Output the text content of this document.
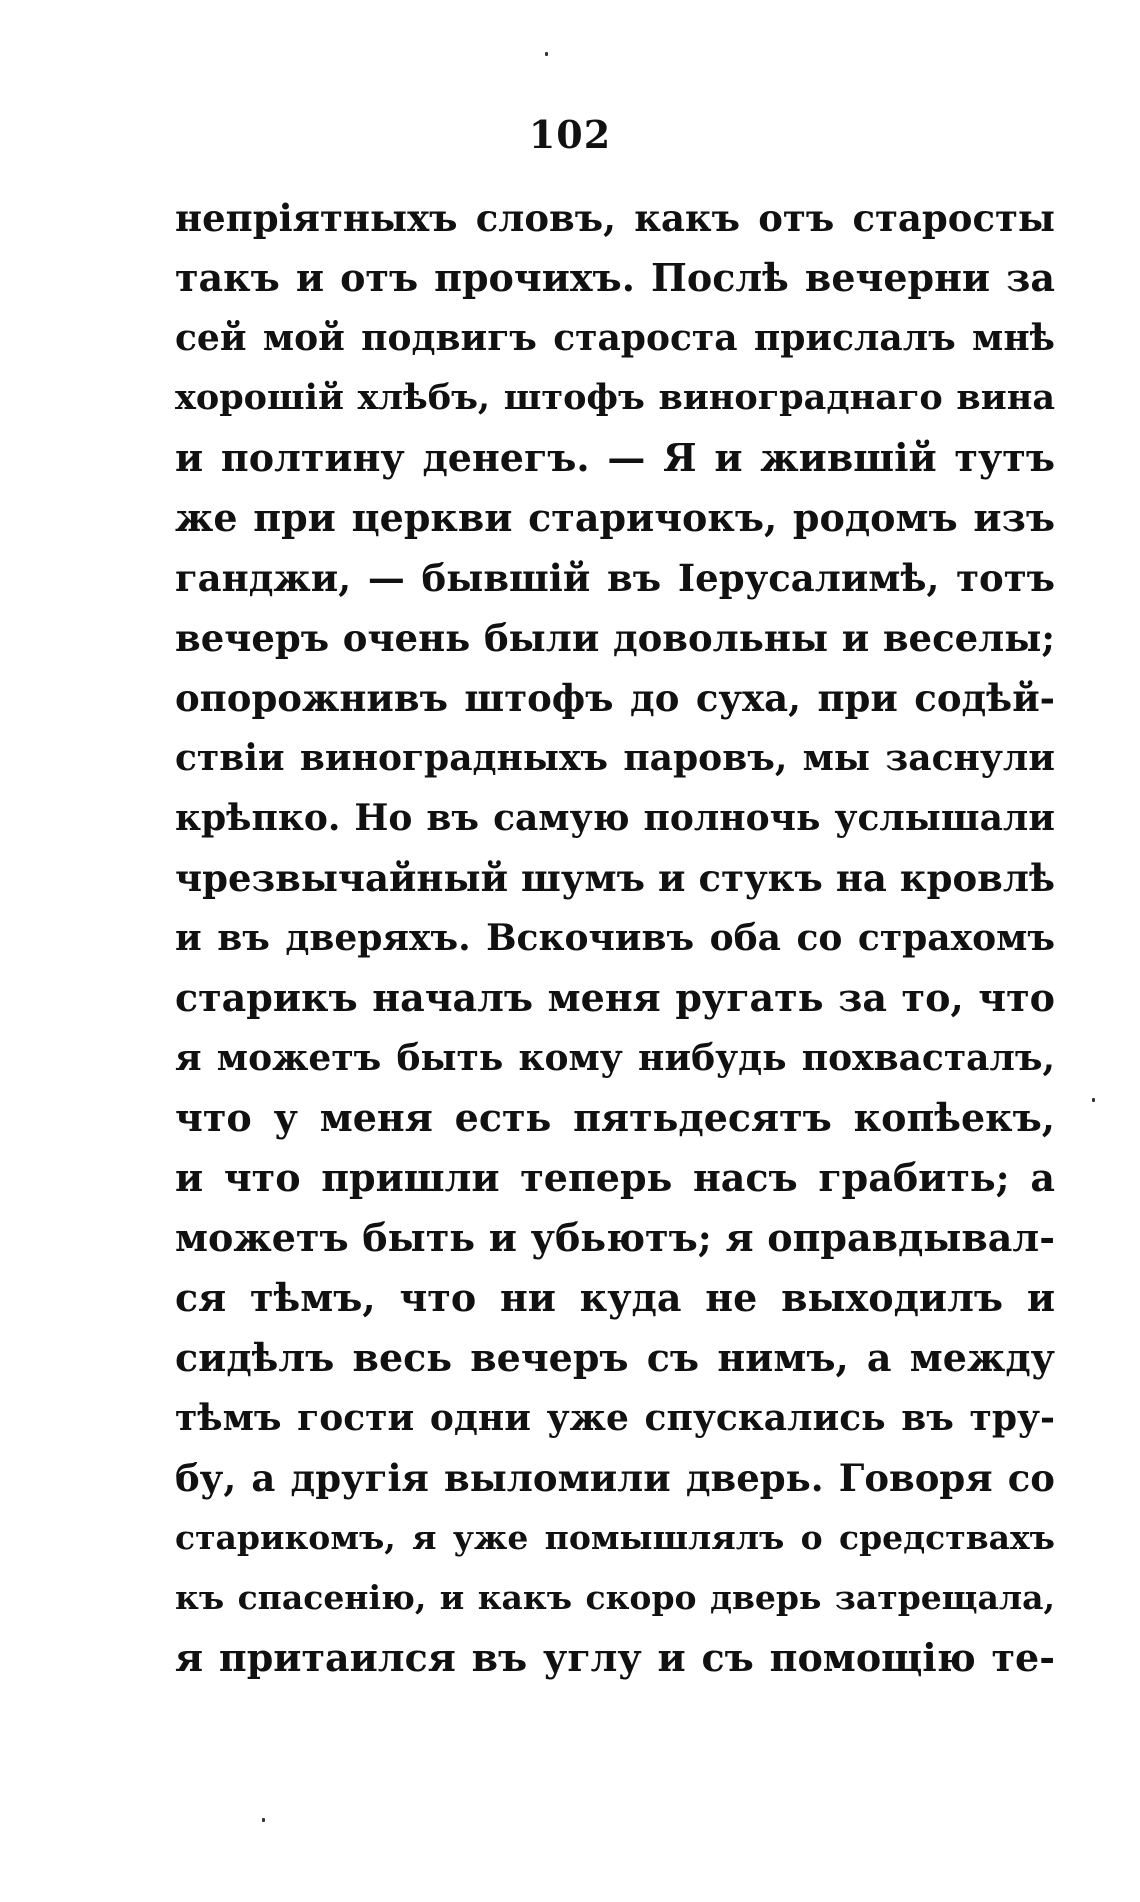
102
непріятныхъ словъ, какъ отъ старосты
такъ и отъ прочихъ. Послѣ вечерни за
сей мой подвигъ староста прислалъ мнѣ
хорошій хлѣбъ, штофъ винограднаго вина
и полтину денегъ. — Я и жившій тутъ
же при церкви старичокъ, родомъ изъ
ганджи, — бывшій въ Іерусалимѣ, тотъ
вечеръ очень были довольны и веселы;
опорожнивъ штофъ до суха, при содѣй-
ствіи виноградныхъ паровъ, мы заснули
крѣпко. Но въ самую полночь услышали
чрезвычайный шумъ и стукъ на кровлѣ
и въ дверяхъ. Вскочивъ оба со страхомъ
старикъ началъ меня ругать за то, что
я можетъ быть кому нибудь похвасталъ,
что у меня есть пятьдесятъ копѣекъ,
и что пришли теперь насъ грабить; а
можетъ быть и убьютъ; я оправдывал-
ся тѣмъ, что ни куда не выходилъ и
сидѣлъ весь вечеръ съ нимъ, а между
тѣмъ гости одни уже спускались въ тру-
бу, а другія выломили дверь. Говоря со
старикомъ, я уже помышлялъ о средствахъ
къ спасенію, и какъ скоро дверь затрещала,
я притаился въ углу и съ помощію те-
